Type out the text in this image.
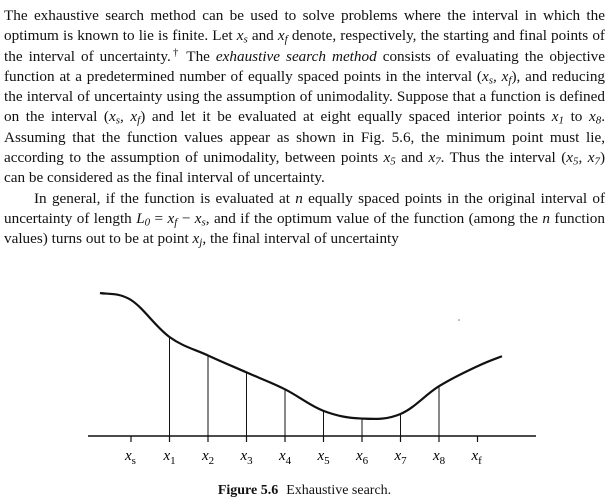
The exhaustive search method can be used to solve problems where the interval in which the optimum is known to lie is finite. Let $x_s$ and $x_f$ denote, respectively, the starting and final points of the interval of uncertainty.† The exhaustive search method consists of evaluating the objective function at a predetermined number of equally spaced points in the interval ($x_s$, $x_f$), and reducing the interval of uncertainty using the assumption of unimodality. Suppose that a function is defined on the interval ($x_s$, $x_f$) and let it be evaluated at eight equally spaced interior points $x_1$ to $x_8$. Assuming that the function values appear as shown in Fig. 5.6, the minimum point must lie, according to the assumption of unimodality, between points $x_5$ and $x_7$. Thus the interval ($x_5$, $x_7$) can be considered as the final interval of uncertainty.

In general, if the function is evaluated at n equally spaced points in the original interval of uncertainty of length $L_0 = x_f - x_s$, and if the optimum value of the function (among the n function values) turns out to be at point $x_j$, the final interval of uncertainty

$x_s$ $x_1$ $x_2$ $x_3$ $x_4$ $x_5$ $x_6$ $x_7$ $x_8$ $x_f$
Figure 5.6 Exhaustive search.
